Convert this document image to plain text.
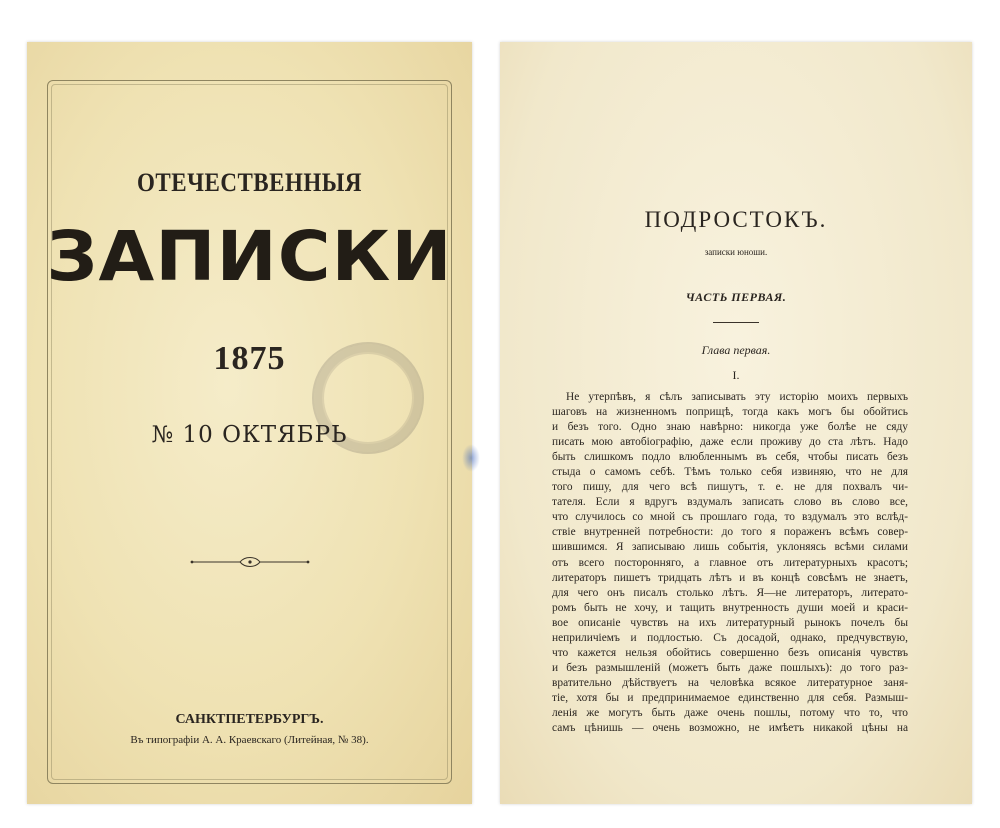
ОТЕЧЕСТВЕННЫЯ
ЗАПИСКИ
1875
№ 10 ОКТЯБРЬ
САНКТПЕТЕРБУРГЪ.
Въ типографіи А. А. Краевскаго (Литейная, № 38).
ПОДРОСТОКЪ.
записки юноши.
ЧАСТЬ ПЕРВАЯ.
Глава первая.
I.
Не утерпѣвъ, я сѣлъ записывать эту исторію моихъ первыхъ
шаговъ на жизненномъ поприщѣ, тогда какъ могъ бы обойтись
и безъ того. Одно знаю навѣрно: никогда уже болѣе не сяду
писать мою автобіографію, даже если проживу до ста лѣтъ. Надо
быть слишкомъ подло влюбленнымъ въ себя, чтобы писать безъ
стыда о самомъ себѣ. Тѣмъ только себя извиняю, что не для
того пишу, для чего всѣ пишутъ, т. е. не для похвалъ чи-
тателя. Если я вдругъ вздумалъ записать слово въ слово все,
что случилось со мной съ прошлаго года, то вздумалъ это вслѣд-
ствіе внутренней потребности: до того я пораженъ всѣмъ совер-
шившимся. Я записываю лишь событія, уклоняясь всѣми силами
отъ всего посторонняго, а главное отъ литературныхъ красотъ;
литераторъ пишетъ тридцать лѣтъ и въ концѣ совсѣмъ не знаетъ,
для чего онъ писалъ столько лѣтъ. Я—не литераторъ, литерато-
ромъ быть не хочу, и тащить внутренность души моей и краси-
вое описаніе чувствъ на ихъ литературный рынокъ почелъ бы
неприличіемъ и подлостью. Съ досадой, однако, предчувствую,
что кажется нельзя обойтись совершенно безъ описанія чувствъ
и безъ размышленій (можетъ быть даже пошлыхъ): до того раз-
вратительно дѣйствуетъ на человѣка всякое литературное заня-
тіе, хотя бы и предпринимаемое единственно для себя. Размыш-
ленія же могутъ быть даже очень пошлы, потому что то, что
самъ цѣнишь — очень возможно, не имѣетъ никакой цѣны на
